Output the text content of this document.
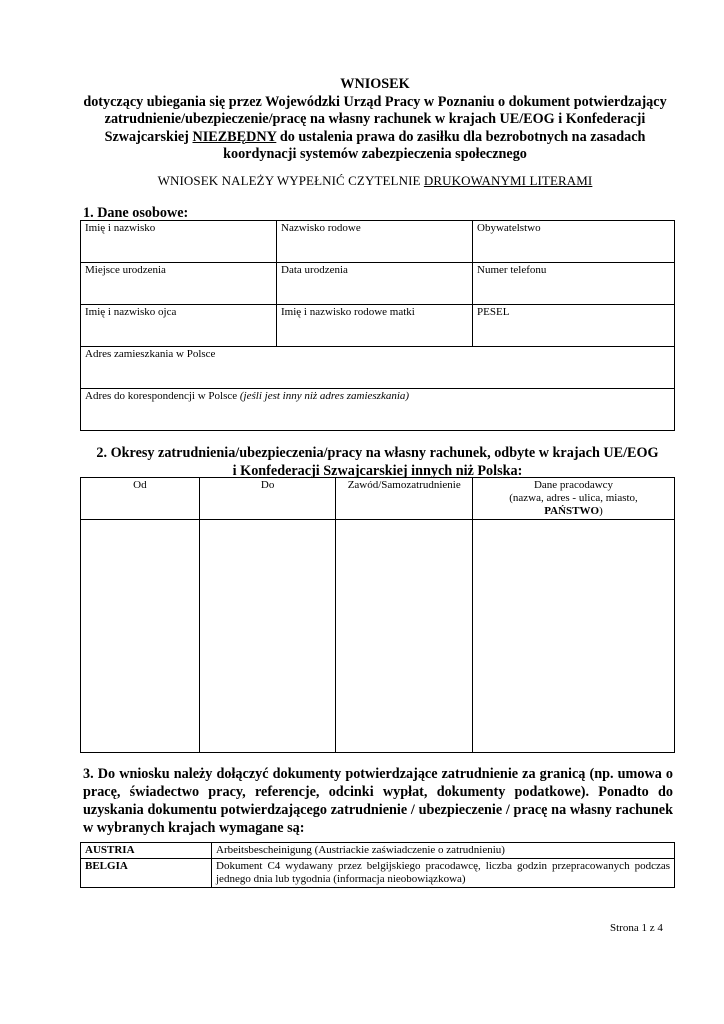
WNIOSEK
dotyczący ubiegania się przez Wojewódzki Urząd Pracy w Poznaniu o dokument potwierdzający
zatrudnienie/ubezpieczenie/pracę na własny rachunek w krajach UE/EOG i Konfederacji
Szwajcarskiej NIEZBĘDNY do ustalenia prawa do zasiłku dla bezrobotnych na zasadach
koordynacji systemów zabezpieczenia społecznego
WNIOSEK NALEŻY WYPEŁNIĆ CZYTELNIE DRUKOWANYMI LITERAMI
1. Dane osobowe:
Imię i nazwisko	Nazwisko rodowe	Obywatelstwo
Miejsce urodzenia	Data urodzenia	Numer telefonu
Imię i nazwisko ojca	Imię i nazwisko rodowe matki	PESEL
Adres zamieszkania w Polsce		
Adres do korespondencji w Polsce (jeśli jest inny niż adres zamieszkania)		
2. Okresy zatrudnienia/ubezpieczenia/pracy na własny rachunek, odbyte w krajach UE/EOG
i Konfederacji Szwajcarskiej innych niż Polska:
Od	Do	Zawód/Samozatrudnienie	Dane pracodawcy
(nazwa, adres - ulica, miasto,
PAŃSTWO)

3. Do wniosku należy dołączyć dokumenty potwierdzające zatrudnienie za granicą (np. umowa o pracę, świadectwo pracy, referencje, odcinki wypłat, dokumenty podatkowe). Ponadto do uzyskania dokumentu potwierdzającego zatrudnienie / ubezpieczenie / pracę na własny rachunek w wybranych krajach wymagane są:
AUSTRIA	Arbeitsbescheinigung (Austriackie zaświadczenie o zatrudnieniu)
BELGIA	Dokument C4 wydawany przez belgijskiego pracodawcę, liczba godzin przepracowanych podczas jednego dnia lub tygodnia (informacja nieobowiązkowa)
Strona 1 z 4
